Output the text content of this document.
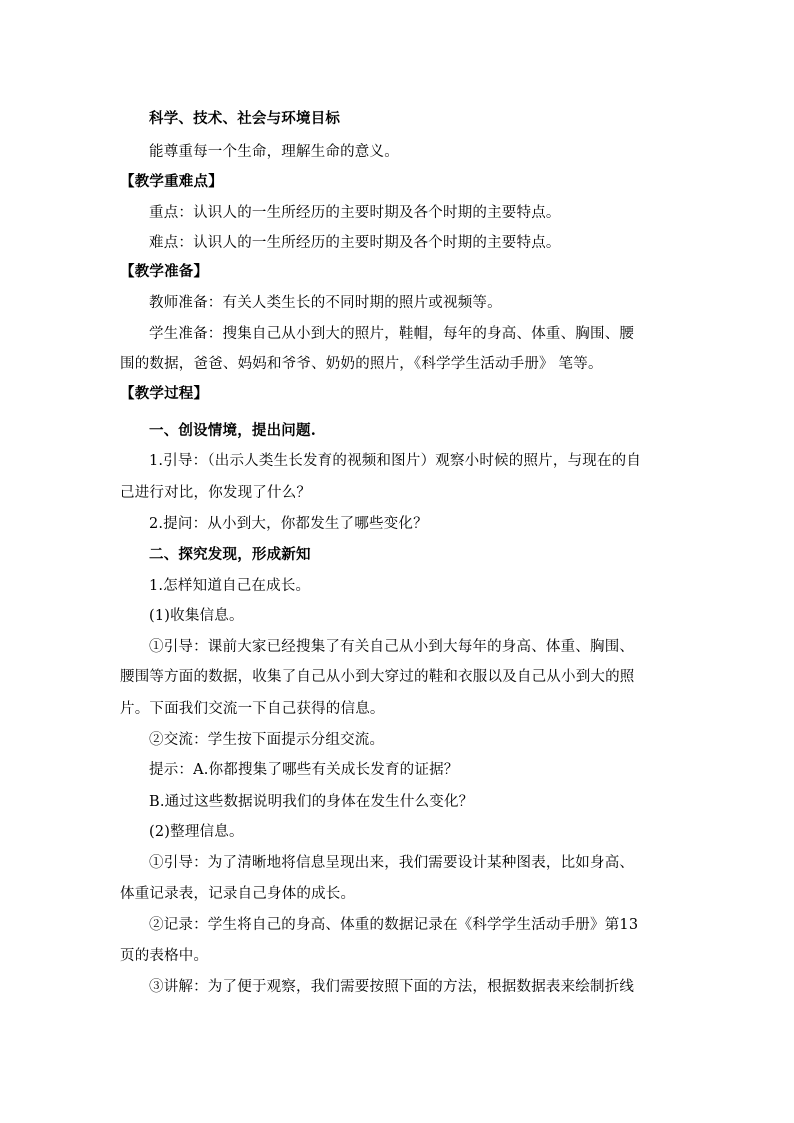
科学、技术、社会与环境目标
能尊重每一个生命，理解生命的意义。
【教学重难点】
重点：认识人的一生所经历的主要时期及各个时期的主要特点。
难点：认识人的一生所经历的主要时期及各个时期的主要特点。
【教学准备】
教师准备：有关人类生长的不同时期的照片或视频等。
学生准备：搜集自己从小到大的照片，鞋帽，每年的身高、体重、胸围、腰
围的数据，爸爸、妈妈和爷爷、奶奶的照片，《科学学生活动手册》 笔等。
【教学过程】
一、创设情境，提出问题.
1.引导：（出示人类生长发育的视频和图片）观察小时候的照片，与现在的自
己进行对比，你发现了什么？
2.提问：从小到大，你都发生了哪些变化？
二、探究发现，形成新知
1.怎样知道自己在成长。
(1)收集信息。
①引导：课前大家已经搜集了有关自己从小到大每年的身高、体重、胸围、
腰围等方面的数据，收集了自己从小到大穿过的鞋和衣服以及自己从小到大的照
片。下面我们交流一下自己获得的信息。
②交流：学生按下面提示分组交流。
提示：A.你都搜集了哪些有关成长发育的证据？
B.通过这些数据说明我们的身体在发生什么变化？
(2)整理信息。
①引导：为了清晰地将信息呈现出来，我们需要设计某种图表，比如身高、
体重记录表，记录自己身体的成长。
②记录：学生将自己的身高、体重的数据记录在《科学学生活动手册》第13
页的表格中。
③讲解：为了便于观察，我们需要按照下面的方法，根据数据表来绘制折线
